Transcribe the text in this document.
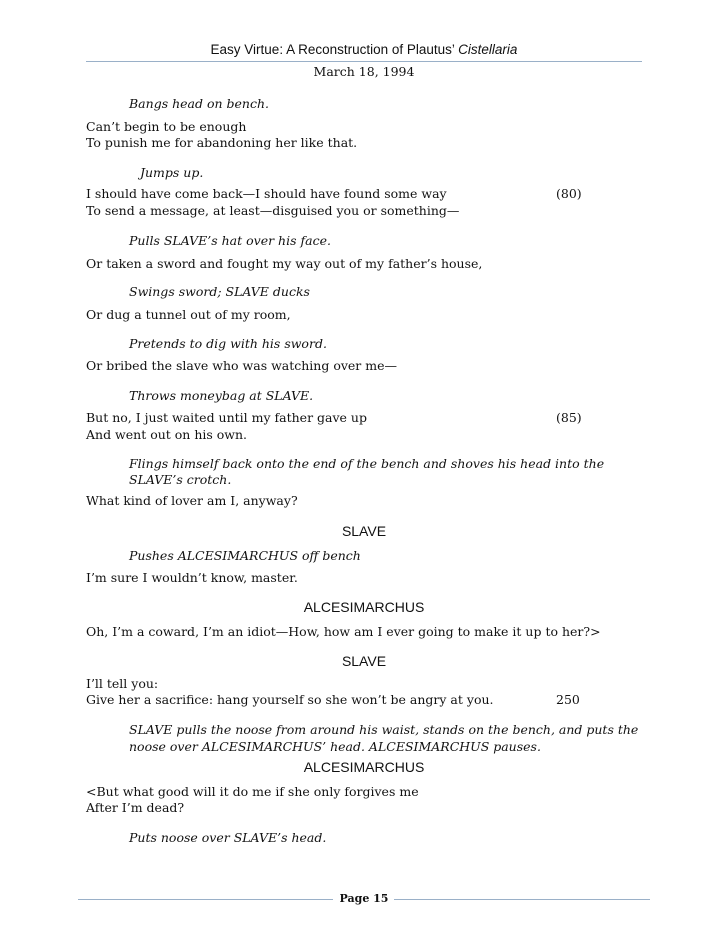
Easy Virtue: A Reconstruction of Plautus’ Cistellaria
March 18, 1994
Bangs head on bench.
Can’t begin to be enough
To punish me for abandoning her like that.
Jumps up.
I should have come back—I should have found some way	(80)
To send a message, at least—disguised you or something—
Pulls SLAVE’s hat over his face.
Or taken a sword and fought my way out of my father’s house,
Swings sword; SLAVE ducks
Or dug a tunnel out of my room,
Pretends to dig with his sword.
Or bribed the slave who was watching over me—
Throws moneybag at SLAVE.
But no, I just waited until my father gave up	(85)
And went out on his own.
Flings himself back onto the end of the bench and shoves his head into the
SLAVE’s crotch.
What kind of lover am I, anyway?
SLAVE
Pushes ALCESIMARCHUS off bench
I’m sure I wouldn’t know, master.
ALCESIMARCHUS
Oh, I’m a coward, I’m an idiot—How, how am I ever going to make it up to her?>
SLAVE
I’ll tell you:
Give her a sacrifice: hang yourself so she won’t be angry at you.	250
SLAVE pulls the noose from around his waist, stands on the bench, and puts the
noose over ALCESIMARCHUS’ head. ALCESIMARCHUS pauses.
ALCESIMARCHUS
<But what good will it do me if she only forgives me
After I’m dead?
Puts noose over SLAVE’s head.
Page 15
